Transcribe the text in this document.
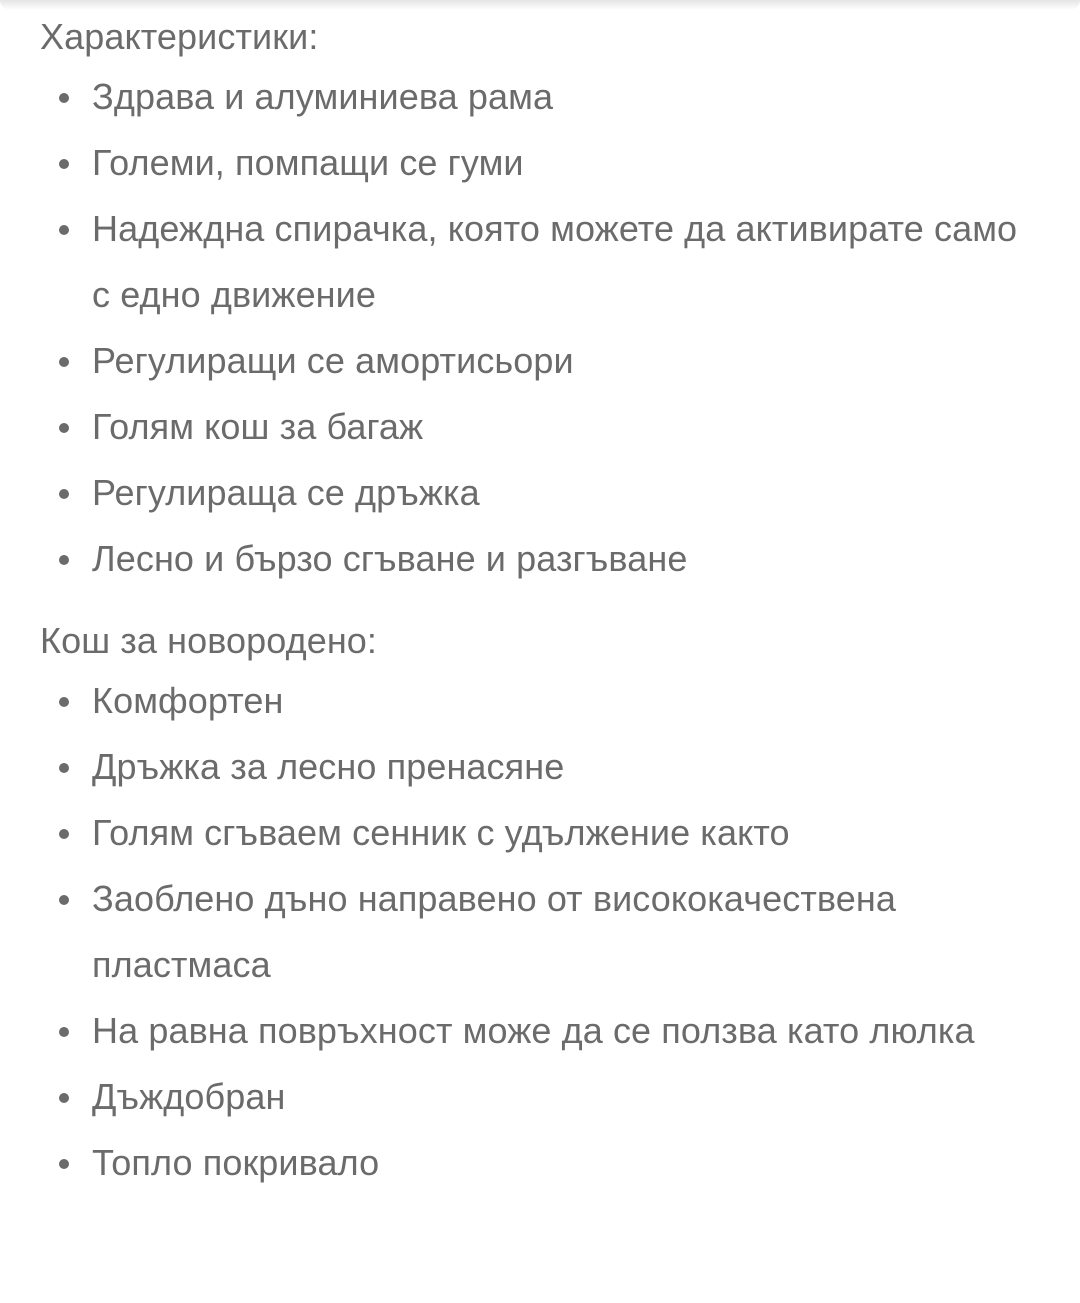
Характеристики:
Здрава и алуминиева рама
Големи, помпащи се гуми
Надеждна спирачка, която можете да активирате само с едно движение
Регулиращи се амортисьори
Голям кош за багаж
Регулираща се дръжка
Лесно и бързо сгъване и разгъване
Кош за новородено:
Комфортен
Дръжка за лесно пренасяне
Голям сгъваем сенник с удължение както
Заоблено дъно направено от висококачествена пластмаса
На равна повръхност може да се ползва като люлка
Дъждобран
Топло покривало
